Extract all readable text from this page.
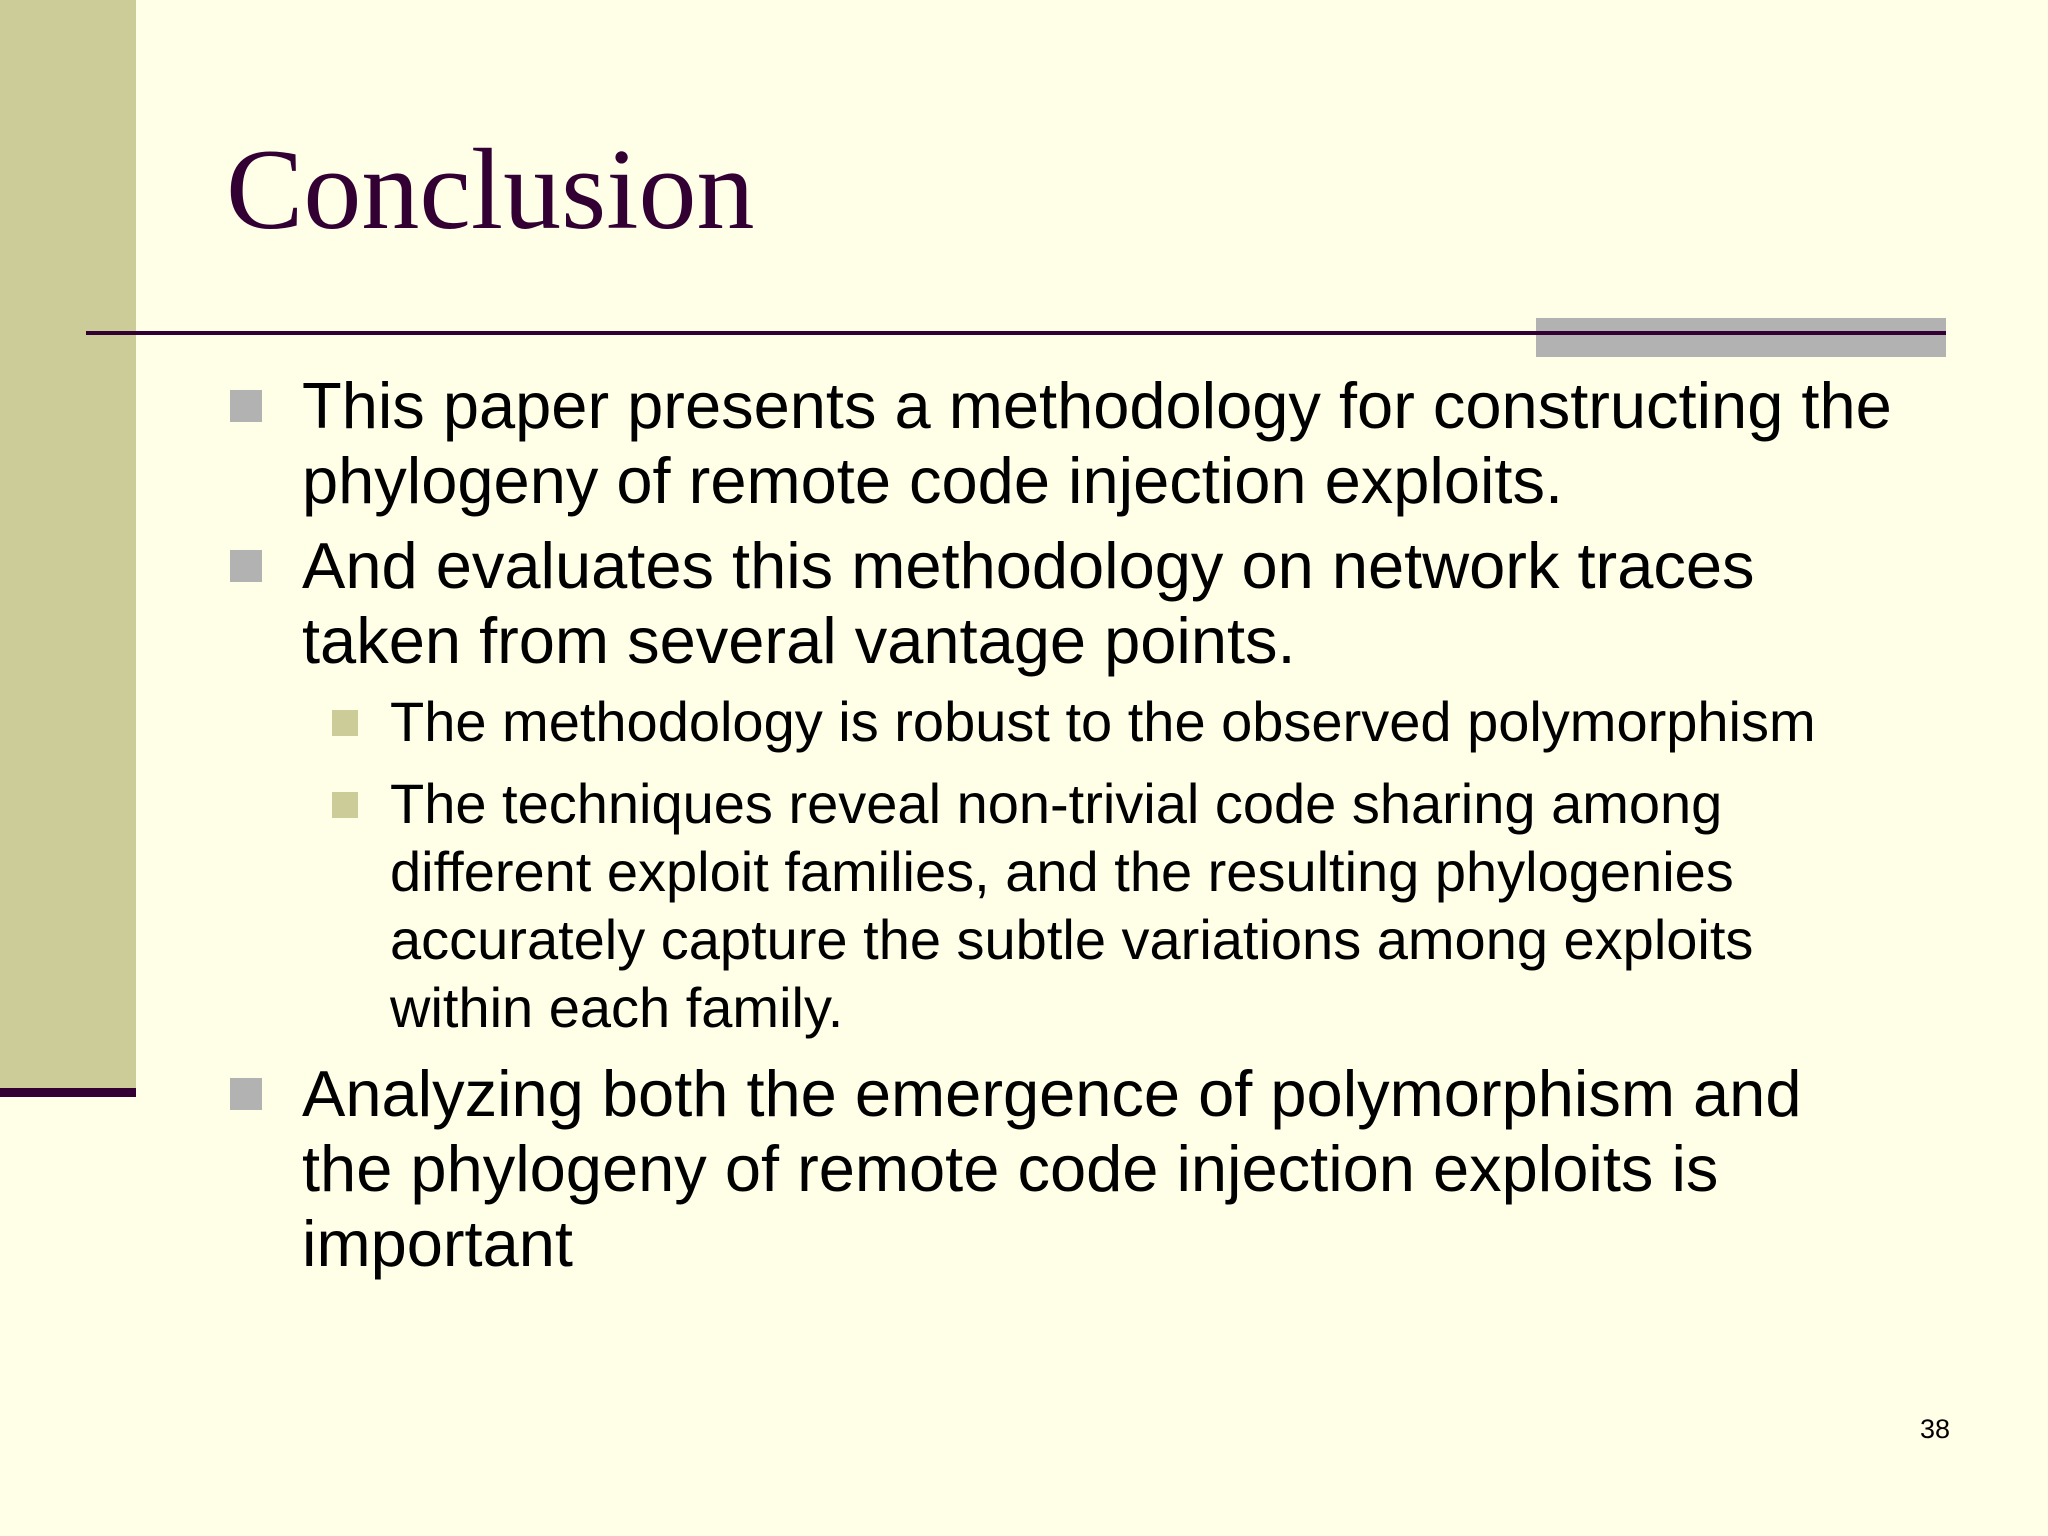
Conclusion
This paper presents a methodology for constructing the phylogeny of remote code injection exploits.
And evaluates this methodology on network traces taken from several vantage points.
The methodology is robust to the observed polymorphism
The techniques reveal non-trivial code sharing among different exploit families, and the resulting phylogenies accurately capture the subtle variations among exploits within each family.
Analyzing both the emergence of polymorphism and the phylogeny of remote code injection exploits is important
38
